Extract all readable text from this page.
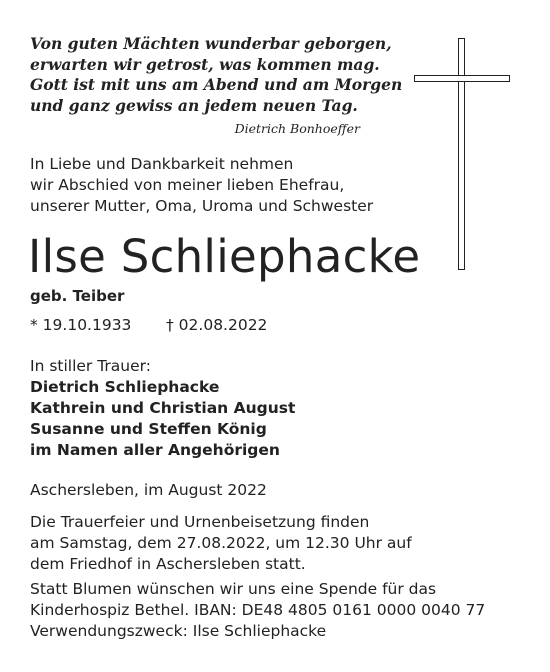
Von guten Mächten wunderbar geborgen,
erwarten wir getrost, was kommen mag.
Gott ist mit uns am Abend und am Morgen
und ganz gewiss an jedem neuen Tag.
Dietrich Bonhoeffer
In Liebe und Dankbarkeit nehmen
wir Abschied von meiner lieben Ehefrau,
unserer Mutter, Oma, Uroma und Schwester
Ilse Schliephacke
geb. Teiber
* 19.10.1933 † 02.08.2022
In stiller Trauer:
Dietrich Schliephacke
Kathrein und Christian August
Susanne und Steffen König
im Namen aller Angehörigen
Aschersleben, im August 2022
Die Trauerfeier und Urnenbeisetzung finden
am Samstag, dem 27.08.2022, um 12.30 Uhr auf
dem Friedhof in Aschersleben statt.
Statt Blumen wünschen wir uns eine Spende für das
Kinderhospiz Bethel. IBAN: DE48 4805 0161 0000 0040 77
Verwendungszweck: Ilse Schliephacke
